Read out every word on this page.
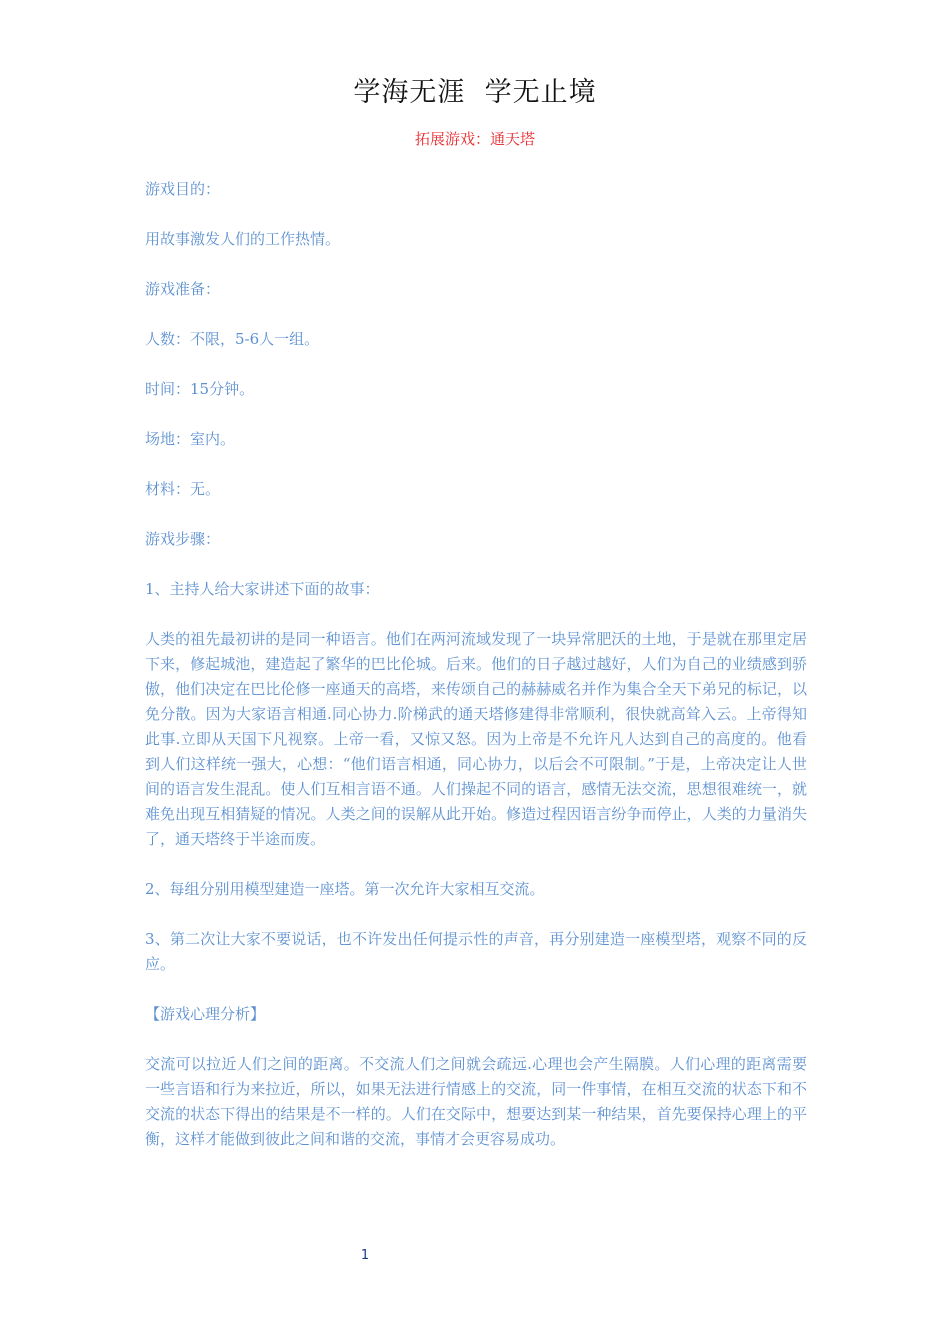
学海无涯  学无止境
拓展游戏：通天塔

游戏目的：

用故事激发人们的工作热情。

游戏准备：

人数：不限，5-6人一组。

时间：15分钟。

场地：室内。

材料：无。

游戏步骤：

1、主持人给大家讲述下面的故事：

人类的祖先最初讲的是同一种语言。他们在两河流域发现了一块异常肥沃的土地，于是就在那里定居下来，修起城池，建造起了繁华的巴比伦城。后来。他们的日子越过越好，人们为自己的业绩感到骄傲，他们决定在巴比伦修一座通天的高塔，来传颂自己的赫赫威名并作为集合全天下弟兄的标记，以免分散。因为大家语言相通.同心协力.阶梯武的通天塔修建得非常顺利，很快就高耸入云。上帝得知此事.立即从天国下凡视察。上帝一看，又惊又怒。因为上帝是不允许凡人达到自己的高度的。他看到人们这样统一强大，心想：“他们语言相通，同心协力，以后会不可限制。”于是，上帝决定让人世间的语言发生混乱。使人们互相言语不通。人们操起不同的语言，感情无法交流，思想很难统一，就难免出现互相猜疑的情况。人类之间的误解从此开始。修造过程因语言纷争而停止，人类的力量消失了，通天塔终于半途而废。

2、每组分别用模型建造一座塔。第一次允许大家相互交流。

3、第二次让大家不要说话，也不许发出任何提示性的声音，再分别建造一座模型塔，观察不同的反应。

【游戏心理分析】

交流可以拉近人们之间的距离。不交流人们之间就会疏远.心理也会产生隔膜。人们心理的距离需要一些言语和行为来拉近，所以，如果无法进行情感上的交流，同一件事情，在相互交流的状态下和不交流的状态下得出的结果是不一样的。人们在交际中，想要达到某一种结果，首先要保持心理上的平衡，这样才能做到彼此之间和谐的交流，事情才会更容易成功。

1
